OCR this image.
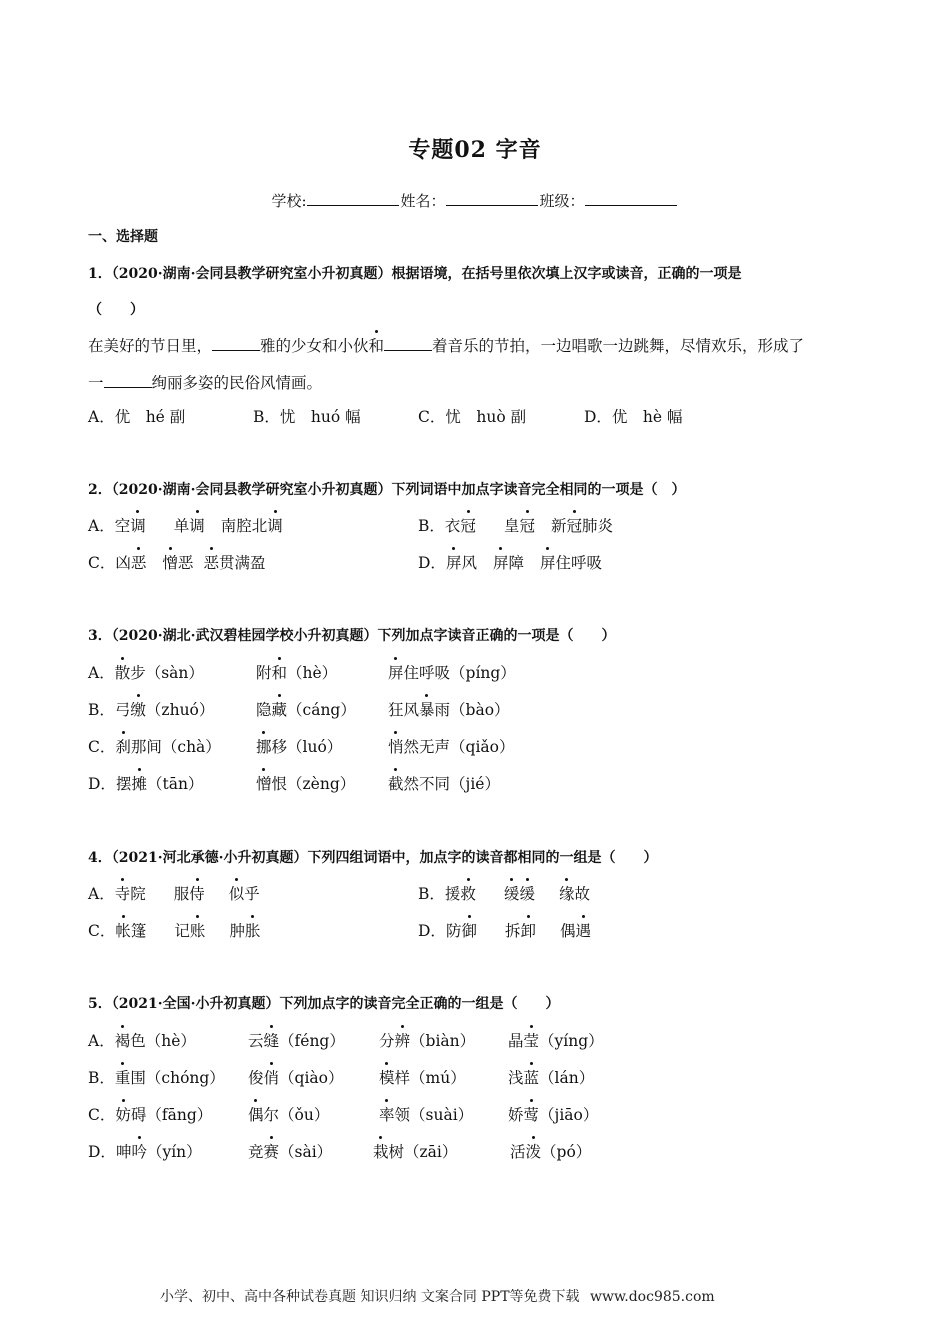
专题02 字音
学校:	姓名：	班级：
一、选择题
1．（2020·湖南·会同县教学研究室小升初真题）根据语境，在括号里依次填上汉字或读音，正确的一项是
（　　）
在美好的节日里，	雅的少女和小伙和	着音乐的节拍，一边唱歌一边跳舞，尽情欢乐，形成了
一	绚丽多姿的民俗风情画。
A．优　hé 副	B．忧　huó 幅	C．忧　huò 副	D．优　hè 幅
2．（2020·湖南·会同县教学研究室小升初真题）下列词语中加点字读音完全相同的一项是（　）
A．空调 单调 南腔北调	B．衣冠 皇冠 新冠肺炎
C．凶恶 憎恶 恶贯满盈	D．屏风 屏障 屏住呼吸
3．（2020·湖北·武汉碧桂园学校小升初真题）下列加点字读音正确的一项是（　　）
A．散步（sàn）	附和（hè）	屏住呼吸（píng）
B．弓缴（zhuó）	隐藏（cáng） 狂风暴雨（bào）
C．刹那间（chà） 挪移（luó）	悄然无声（qiǎo）
D．摆摊（tān）	憎恨（zèng） 截然不同（jié）
4．（2021·河北承德·小升初真题）下列四组词语中，加点字的读音都相同的一组是（　　）
A．寺院 服侍 似乎	B．援救 缓缓 缘故
C．帐篷 记账 肿胀	D．防御 拆卸 偶遇
5．（2021·全国·小升初真题）下列加点字的读音完全正确的一组是（　　）
A．褐色（hè）	云缝（féng） 分辨（biàn） 晶莹（yíng）
B．重围（chóng） 俊俏（qiào） 模样（mú）	浅蓝（lán）
C．妨碍（fāng） 偶尔（ǒu）	率领（suài） 娇莺（jiāo）
D．呻吟（yín）	竞赛（sài）	栽树（zāi）	活泼（pó）
小学、初中、高中各种试卷真题 知识归纳 文案合同 PPT等免费下载 www.doc985.com
